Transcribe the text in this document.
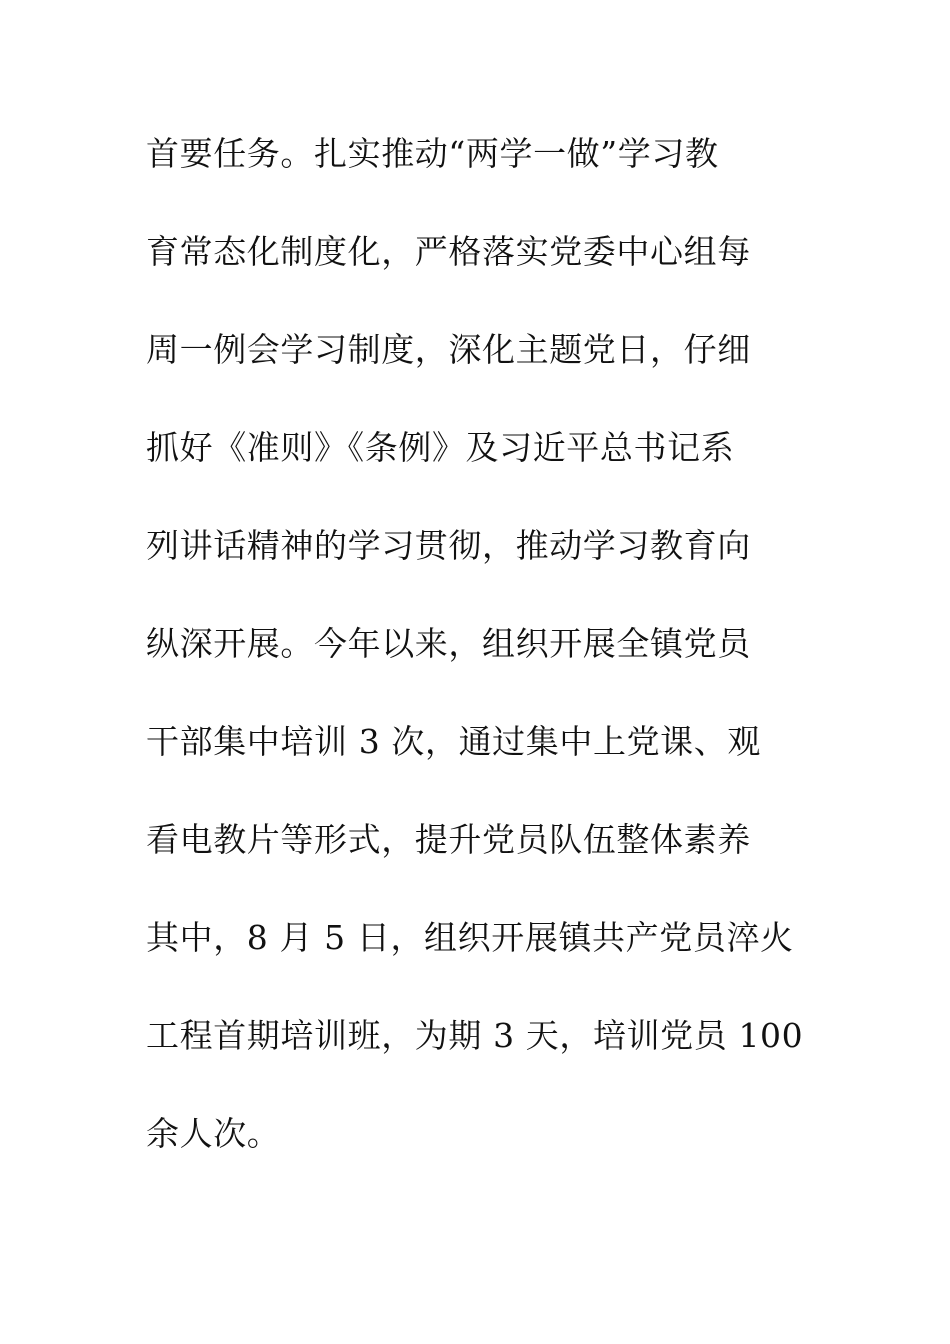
首要任务。扎实推动“两学一做”学习教
育常态化制度化，严格落实党委中心组每
周一例会学习制度，深化主题党日，仔细
抓好《准则》《条例》及习近平总书记系
列讲话精神的学习贯彻，推动学习教育向
纵深开展。今年以来，组织开展全镇党员
干部集中培训 3 次，通过集中上党课、观
看电教片等形式，提升党员队伍整体素养
其中，8 月 5 日，组织开展镇共产党员淬火
工程首期培训班，为期 3 天，培训党员 100
余人次。
